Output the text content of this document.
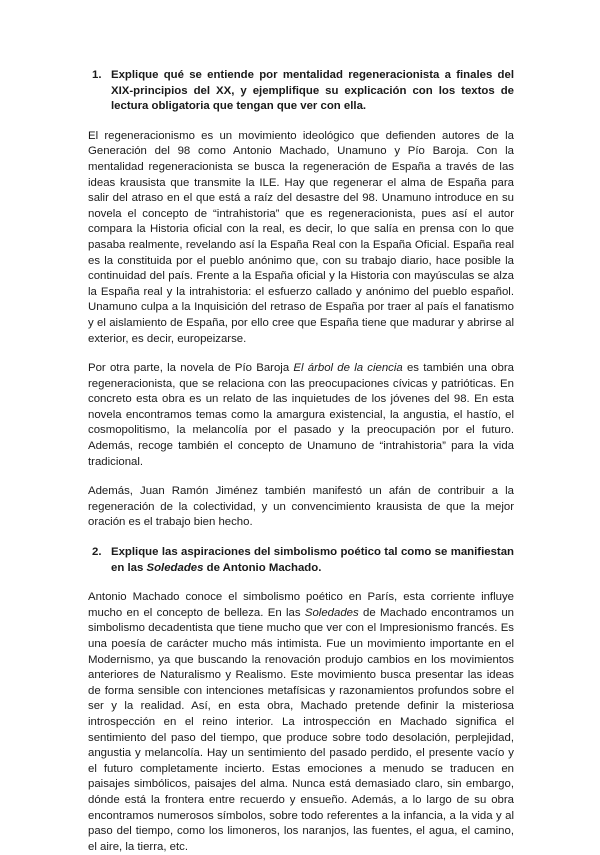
1. Explique qué se entiende por mentalidad regeneracionista a finales del XIX-principios del XX, y ejemplifique su explicación con los textos de lectura obligatoria que tengan que ver con ella.

El regeneracionismo es un movimiento ideológico que defienden autores de la Generación del 98 como Antonio Machado, Unamuno y Pío Baroja. Con la mentalidad regeneracionista se busca la regeneración de España a través de las ideas krausista que transmite la ILE. Hay que regenerar el alma de España para salir del atraso en el que está a raíz del desastre del 98. Unamuno introduce en su novela el concepto de “intrahistoria” que es regeneracionista, pues así el autor compara la Historia oficial con la real, es decir, lo que salía en prensa con lo que pasaba realmente, revelando así la España Real con la España Oficial. España real es la constituida por el pueblo anónimo que, con su trabajo diario, hace posible la continuidad del país. Frente a la España oficial y la Historia con mayúsculas se alza la España real y la intrahistoria: el esfuerzo callado y anónimo del pueblo español. Unamuno culpa a la Inquisición del retraso de España por traer al país el fanatismo y el aislamiento de España, por ello cree que España tiene que madurar y abrirse al exterior, es decir, europeizarse.

Por otra parte, la novela de Pío Baroja El árbol de la ciencia es también una obra regeneracionista, que se relaciona con las preocupaciones cívicas y patrióticas. En concreto esta obra es un relato de las inquietudes de los jóvenes del 98. En esta novela encontramos temas como la amargura existencial, la angustia, el hastío, el cosmopolitismo, la melancolía por el pasado y la preocupación por el futuro. Además, recoge también el concepto de Unamuno de “intrahistoria” para la vida tradicional.

Además, Juan Ramón Jiménez también manifestó un afán de contribuir a la regeneración de la colectividad, y un convencimiento krausista de que la mejor oración es el trabajo bien hecho.

2. Explique las aspiraciones del simbolismo poético tal como se manifiestan en las Soledades de Antonio Machado.

Antonio Machado conoce el simbolismo poético en París, esta corriente influye mucho en el concepto de belleza. En las Soledades de Machado encontramos un simbolismo decadentista que tiene mucho que ver con el Impresionismo francés. Es una poesía de carácter mucho más intimista. Fue un movimiento importante en el Modernismo, ya que buscando la renovación produjo cambios en los movimientos anteriores de Naturalismo y Realismo. Este movimiento busca presentar las ideas de forma sensible con intenciones metafísicas y razonamientos profundos sobre el ser y la realidad. Así, en esta obra, Machado pretende definir la misteriosa introspección en el reino interior. La introspección en Machado significa el sentimiento del paso del tiempo, que produce sobre todo desolación, perplejidad, angustia y melancolía. Hay un sentimiento del pasado perdido, el presente vacío y el futuro completamente incierto. Estas emociones a menudo se traducen en paisajes simbólicos, paisajes del alma. Nunca está demasiado claro, sin embargo, dónde está la frontera entre recuerdo y ensueño. Además, a lo largo de su obra encontramos numerosos símbolos, sobre todo referentes a la infancia, a la vida y al paso del tiempo, como los limoneros, los naranjos, las fuentes, el agua, el camino, el aire, la tierra, etc.
